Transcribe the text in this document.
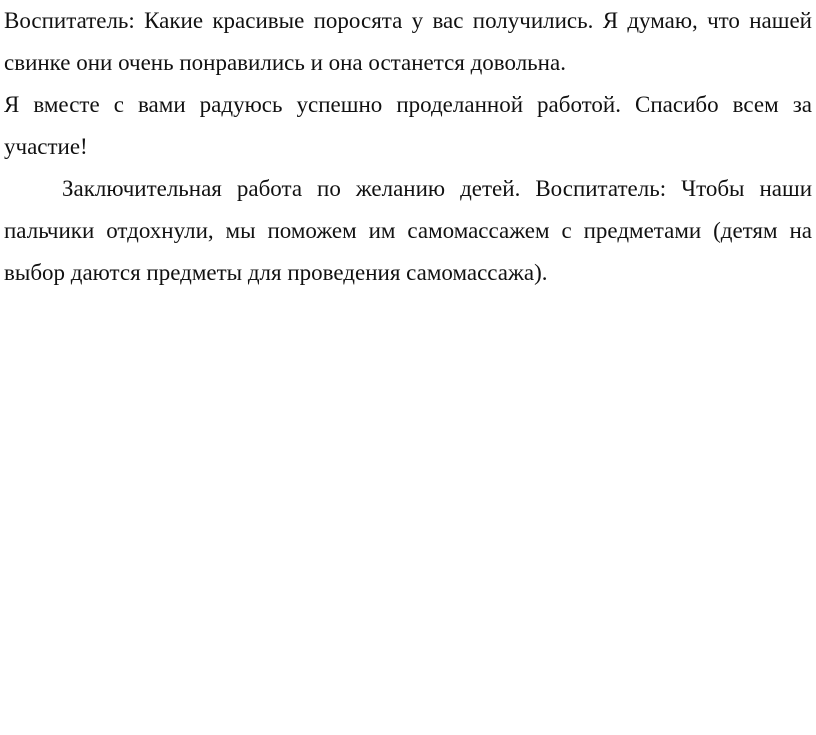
Воспитатель: Какие красивые поросята у вас получились. Я думаю, что нашей свинке они очень понравились и она останется довольна.

Я вместе с вами радуюсь успешно проделанной работой. Спасибо всем за участие!

Заключительная работа по желанию детей. Воспитатель: Чтобы наши пальчики отдохнули, мы поможем им самомассажем с предметами (детям на выбор даются предметы для проведения самомассажа).
